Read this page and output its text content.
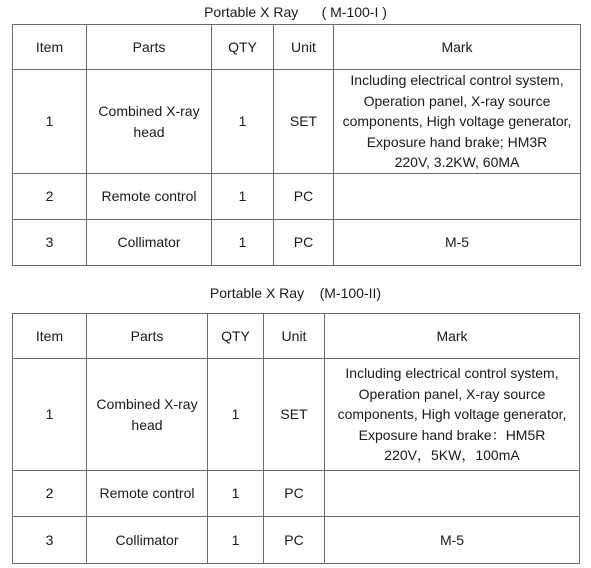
Portable X Ray      ( M-100-I )
Item	Parts	QTY	Unit	Mark
1	Combined X-ray
head	1	SET	Including electrical control system,
Operation panel, X-ray source
components, High voltage generator,
Exposure hand brake; HM3R
220V, 3.2KW, 60MA

2	Remote control	1	PC	
3	Collimator	1	PC	M-5
Portable X Ray    (M-100-II)
Item	Parts	QTY	Unit	Mark
1	Combined X-ray
head	1	SET	Including electrical control system,
Operation panel, X-ray source
components, High voltage generator,
Exposure hand brake：HM5R
220V，5KW，100mA

2	Remote control	1	PC	
3	Collimator	1	PC	M-5
